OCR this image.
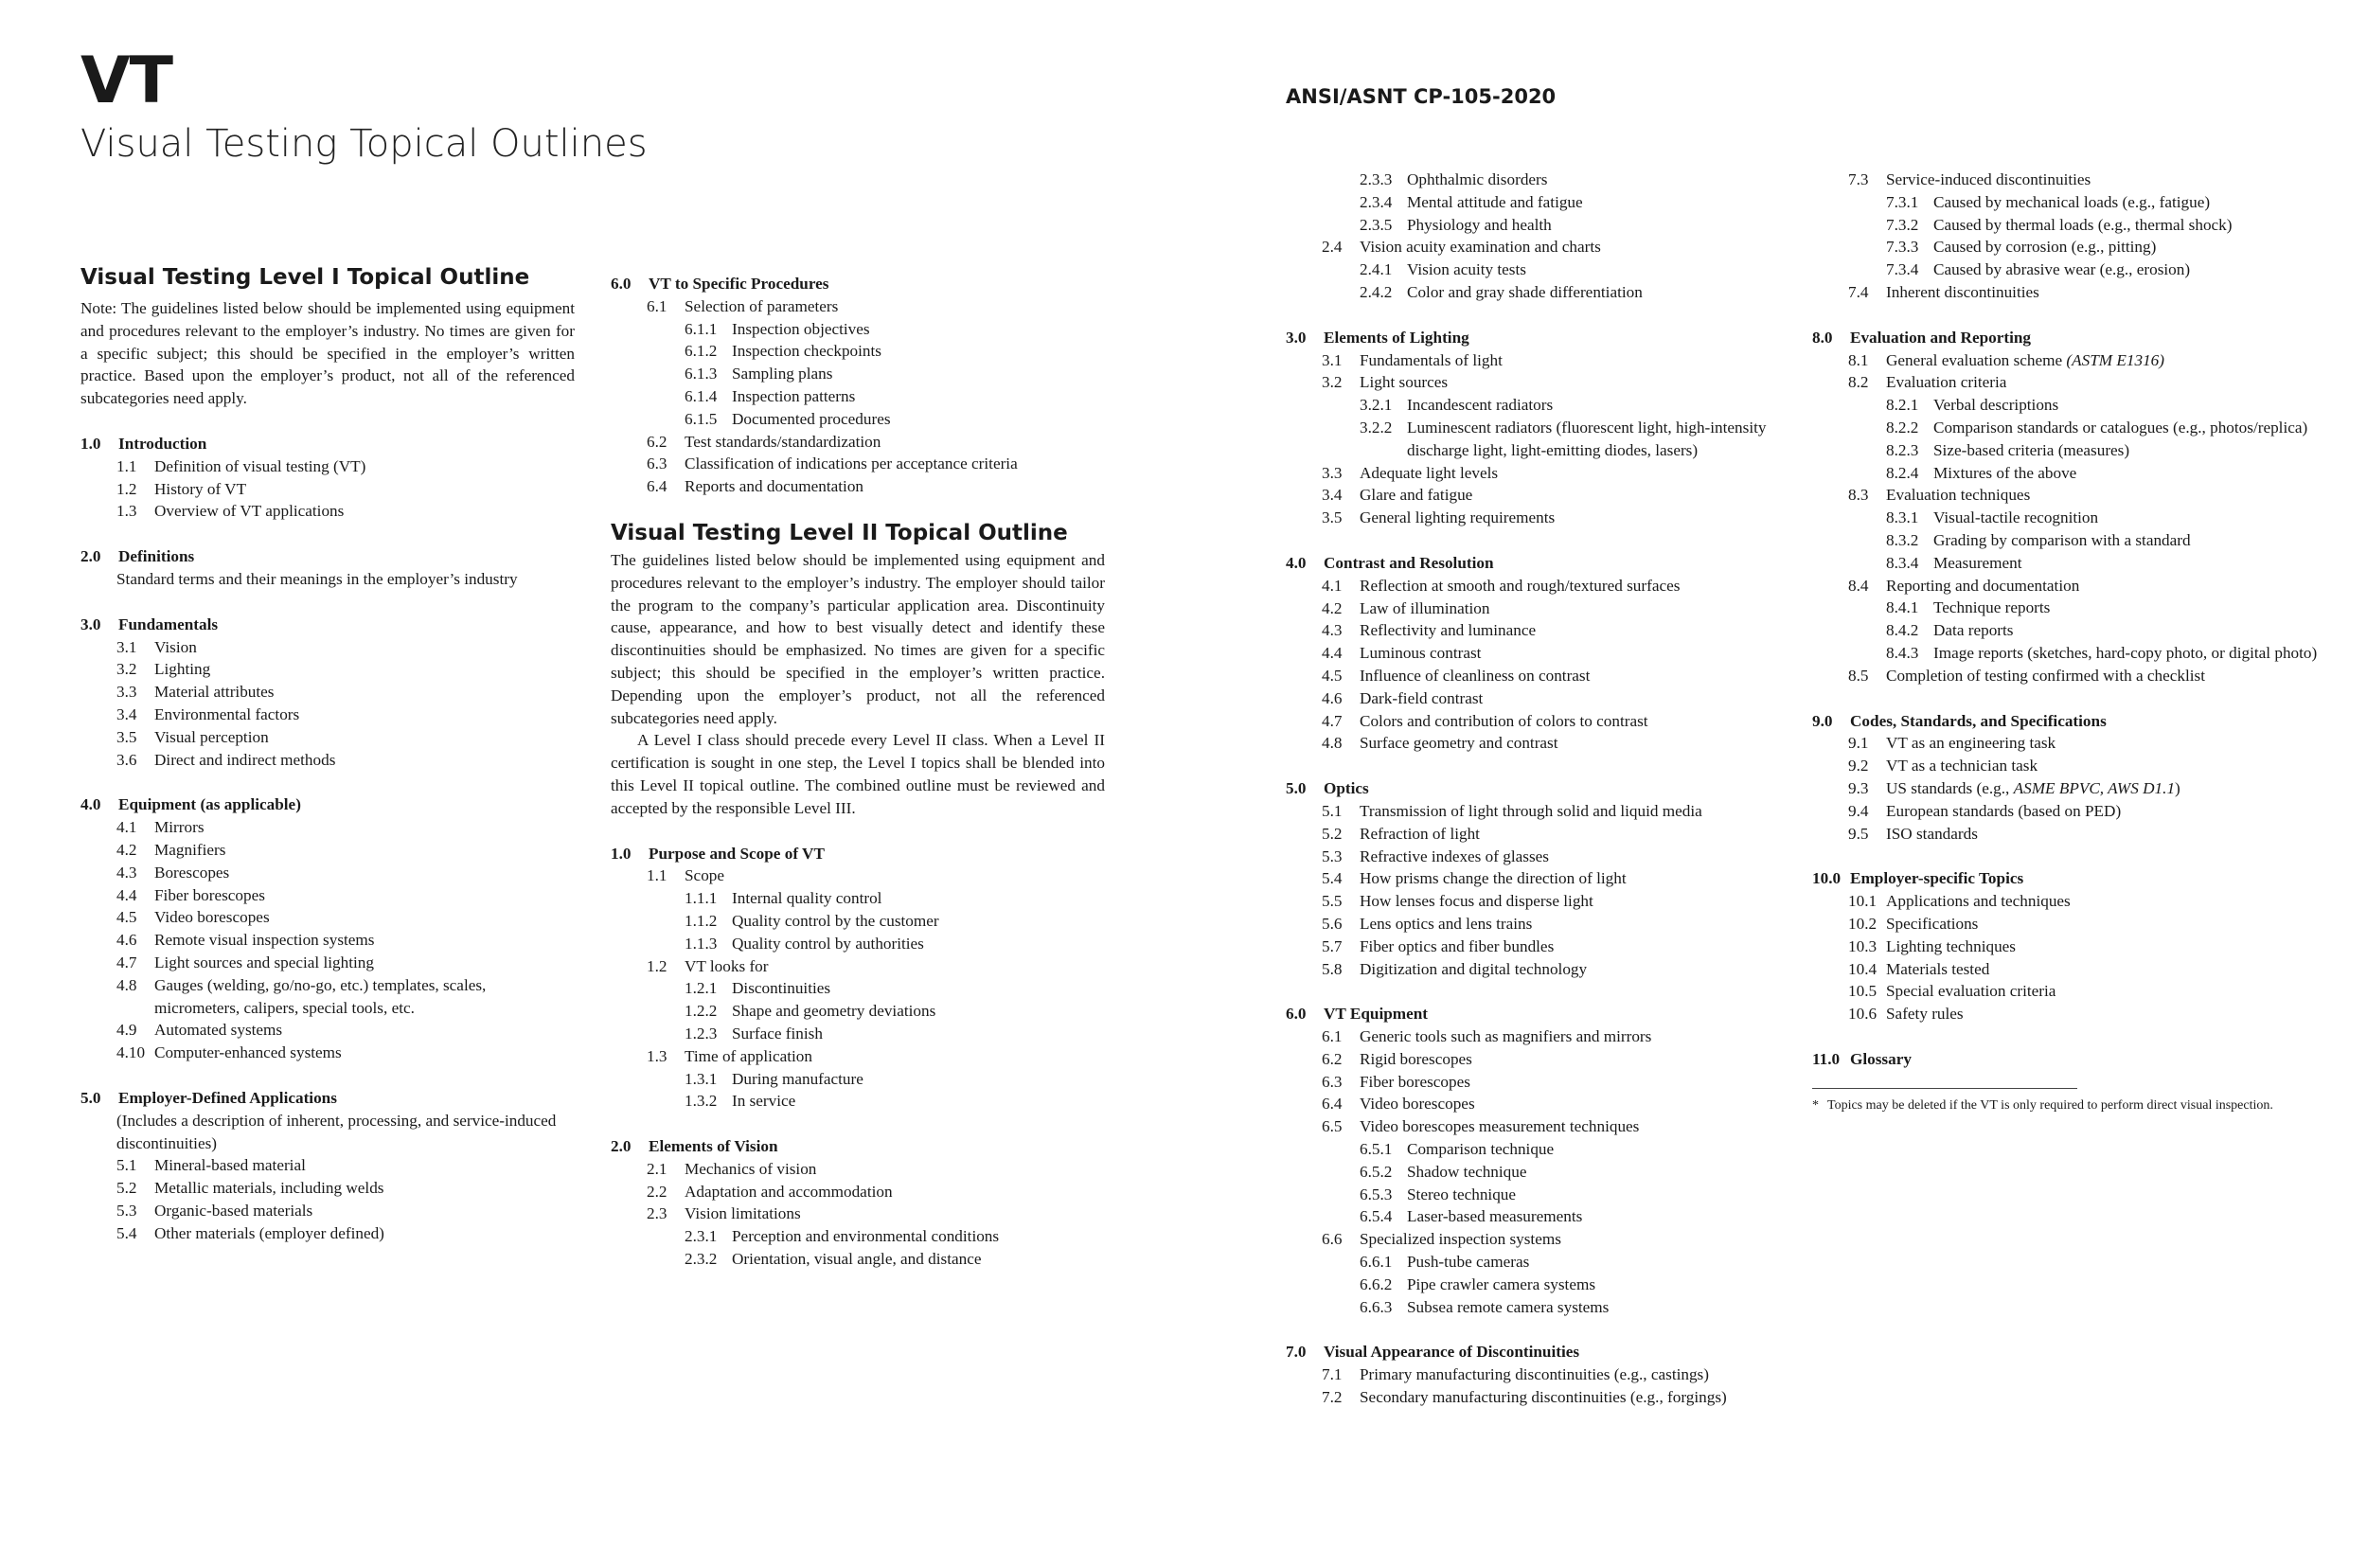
VT
Visual Testing Topical Outlines
Visual Testing Level I Topical Outline

Note: The guidelines listed below should be implemented using equipment and procedures relevant to the employer’s industry. No times are given for a specific subject; this should be specified in the employer’s written practice. Based upon the employer’s product, not all of the referenced subcategories need apply.

1.0	Introduction
1.1	Definition of visual testing (VT)
1.2	History of VT
1.3	Overview of VT applications
2.0	Definitions
Standard terms and their meanings in the employer’s industry
3.0	Fundamentals
3.1	Vision
3.2	Lighting
3.3	Material attributes
3.4	Environmental factors
3.5	Visual perception
3.6	Direct and indirect methods
4.0	Equipment (as applicable)
4.1	Mirrors
4.2	Magnifiers
4.3	Borescopes
4.4	Fiber borescopes
4.5	Video borescopes
4.6	Remote visual inspection systems
4.7	Light sources and special lighting
4.8	Gauges (welding, go/no-go, etc.) templates, scales, micrometers, calipers, special tools, etc.
4.9	Automated systems
4.10 Computer-enhanced systems
5.0	Employer-Defined Applications
(Includes a description of inherent, processing, and service-induced discontinuities)
5.1	Mineral-based material
5.2	Metallic materials, including welds
5.3	Organic-based materials
5.4	Other materials (employer defined)
6.0	VT to Specific Procedures
6.1	Selection of parameters
6.1.1 Inspection objectives
6.1.2 Inspection checkpoints
6.1.3 Sampling plans
6.1.4 Inspection patterns
6.1.5 Documented procedures
6.2	Test standards/standardization
6.3	Classification of indications per acceptance criteria
6.4	Reports and documentation
Visual Testing Level II Topical Outline

The guidelines listed below should be implemented using equipment and procedures relevant to the employer’s industry. The employer should tailor the program to the company’s particular application area. Discontinuity cause, appearance, and how to best visually detect and identify these discontinuities should be emphasized. No times are given for a specific subject; this should be specified in the employer’s written practice. Depending upon the employer’s product, not all the referenced subcategories need apply.

A Level I class should precede every Level II class. When a Level II certification is sought in one step, the Level I topics shall be blended into this Level II topical outline. The combined outline must be reviewed and accepted by the responsible Level III.

1.0	Purpose and Scope of VT
1.1	Scope
1.1.1 Internal quality control
1.1.2 Quality control by the customer
1.1.3 Quality control by authorities
1.2	VT looks for
1.2.1 Discontinuities
1.2.2 Shape and geometry deviations
1.2.3 Surface finish
1.3	Time of application
1.3.1 During manufacture
1.3.2 In service
2.0	Elements of Vision
2.1	Mechanics of vision
2.2	Adaptation and accommodation
2.3	Vision limitations
2.3.1 Perception and environmental conditions
2.3.2 Orientation, visual angle, and distance
ANSI/ASNT CP-105-2020
2.3.3 Ophthalmic disorders
2.3.4 Mental attitude and fatigue
2.3.5 Physiology and health
2.4	Vision acuity examination and charts
2.4.1 Vision acuity tests
2.4.2 Color and gray shade differentiation
3.0	Elements of Lighting
3.1	Fundamentals of light
3.2	Light sources
3.2.1 Incandescent radiators
3.2.2 Luminescent radiators (fluorescent light, high-intensity discharge light, light-emitting diodes, lasers)
3.3	Adequate light levels
3.4	Glare and fatigue
3.5	General lighting requirements
4.0	Contrast and Resolution
4.1	Reflection at smooth and rough/textured surfaces
4.2	Law of illumination
4.3	Reflectivity and luminance
4.4	Luminous contrast
4.5	Influence of cleanliness on contrast
4.6	Dark-field contrast
4.7	Colors and contribution of colors to contrast
4.8	Surface geometry and contrast
5.0	Optics
5.1	Transmission of light through solid and liquid media
5.2	Refraction of light
5.3	Refractive indexes of glasses
5.4	How prisms change the direction of light
5.5	How lenses focus and disperse light
5.6	Lens optics and lens trains
5.7	Fiber optics and fiber bundles
5.8	Digitization and digital technology
6.0	VT Equipment
6.1	Generic tools such as magnifiers and mirrors
6.2	Rigid borescopes
6.3	Fiber borescopes
6.4	Video borescopes
6.5	Video borescopes measurement techniques
6.5.1 Comparison technique
6.5.2 Shadow technique
6.5.3 Stereo technique
6.5.4 Laser-based measurements
6.6	Specialized inspection systems
6.6.1 Push-tube cameras
6.6.2 Pipe crawler camera systems
6.6.3 Subsea remote camera systems
7.0	Visual Appearance of Discontinuities
7.1	Primary manufacturing discontinuities (e.g., castings)
7.2	Secondary manufacturing discontinuities (e.g., forgings)
7.3	Service-induced discontinuities
7.3.1 Caused by mechanical loads (e.g., fatigue)
7.3.2 Caused by thermal loads (e.g., thermal shock)
7.3.3 Caused by corrosion (e.g., pitting)
7.3.4 Caused by abrasive wear (e.g., erosion)
7.4	Inherent discontinuities
8.0	Evaluation and Reporting
8.1	General evaluation scheme (ASTM E1316)
8.2	Evaluation criteria
8.2.1 Verbal descriptions
8.2.2 Comparison standards or catalogues (e.g., photos/replica)
8.2.3 Size-based criteria (measures)
8.2.4 Mixtures of the above
8.3	Evaluation techniques
8.3.1 Visual-tactile recognition
8.3.2 Grading by comparison with a standard
8.3.4 Measurement
8.4	Reporting and documentation
8.4.1 Technique reports
8.4.2 Data reports
8.4.3 Image reports (sketches, hard-copy photo, or digital photo)
8.5	Completion of testing confirmed with a checklist
9.0	Codes, Standards, and Specifications
9.1	VT as an engineering task
9.2	VT as a technician task
9.3	US standards (e.g., ASME BPVC, AWS D1.1)
9.4	European standards (based on PED)
9.5	ISO standards
10.0 Employer-specific Topics
10.1 Applications and techniques
10.2 Specifications
10.3 Lighting techniques
10.4 Materials tested
10.5 Special evaluation criteria
10.6 Safety rules
11.0 Glossary
* Topics may be deleted if the VT is only required to perform direct visual inspection.
